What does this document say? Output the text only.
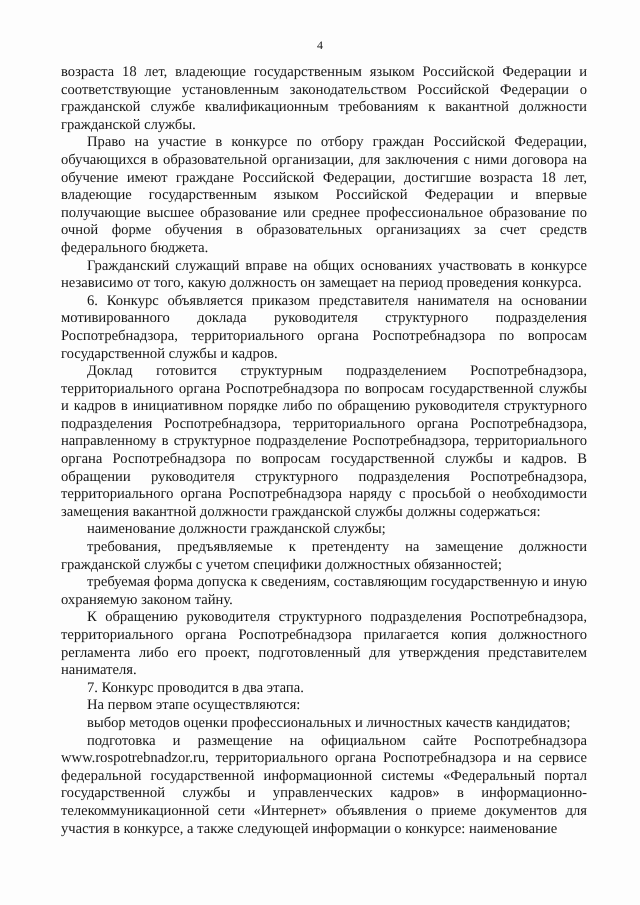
4

возраста 18 лет, владеющие государственным языком Российской Федерации и соответствующие установленным законодательством Российской Федерации о гражданской службе квалификационным требованиям к вакантной должности гражданской службы.

Право на участие в конкурсе по отбору граждан Российской Федерации, обучающихся в образовательной организации, для заключения с ними договора на обучение имеют граждане Российской Федерации, достигшие возраста 18 лет, владеющие государственным языком Российской Федерации и впервые получающие высшее образование или среднее профессиональное образование по очной форме обучения в образовательных организациях за счет средств федерального бюджета.

Гражданский служащий вправе на общих основаниях участвовать в конкурсе независимо от того, какую должность он замещает на период проведения конкурса.

6. Конкурс объявляется приказом представителя нанимателя на основании мотивированного доклада руководителя структурного подразделения Роспотребнадзора, территориального органа Роспотребнадзора по вопросам государственной службы и кадров.

Доклад готовится структурным подразделением Роспотребнадзора, территориального органа Роспотребнадзора по вопросам государственной службы и кадров в инициативном порядке либо по обращению руководителя структурного подразделения Роспотребнадзора, территориального органа Роспотребнадзора, направленному в структурное подразделение Роспотребнадзора, территориального органа Роспотребнадзора по вопросам государственной службы и кадров. В обращении руководителя структурного подразделения Роспотребнадзора, территориального органа Роспотребнадзора наряду с просьбой о необходимости замещения вакантной должности гражданской службы должны содержаться:

наименование должности гражданской службы;

требования, предъявляемые к претенденту на замещение должности гражданской службы с учетом специфики должностных обязанностей;

требуемая форма допуска к сведениям, составляющим государственную и иную охраняемую законом тайну.

К обращению руководителя структурного подразделения Роспотребнадзора, территориального органа Роспотребнадзора прилагается копия должностного регламента либо его проект, подготовленный для утверждения представителем нанимателя.

7. Конкурс проводится в два этапа.

На первом этапе осуществляются:

выбор методов оценки профессиональных и личностных качеств кандидатов;

подготовка и размещение на официальном сайте Роспотребнадзора www.rospotrebnadzor.ru, территориального органа Роспотребнадзора и на сервисе федеральной государственной информационной системы «Федеральный портал государственной службы и управленческих кадров» в информационно-телекоммуникационной сети «Интернет» объявления о приеме документов для участия в конкурсе, а также следующей информации о конкурсе: наименование
